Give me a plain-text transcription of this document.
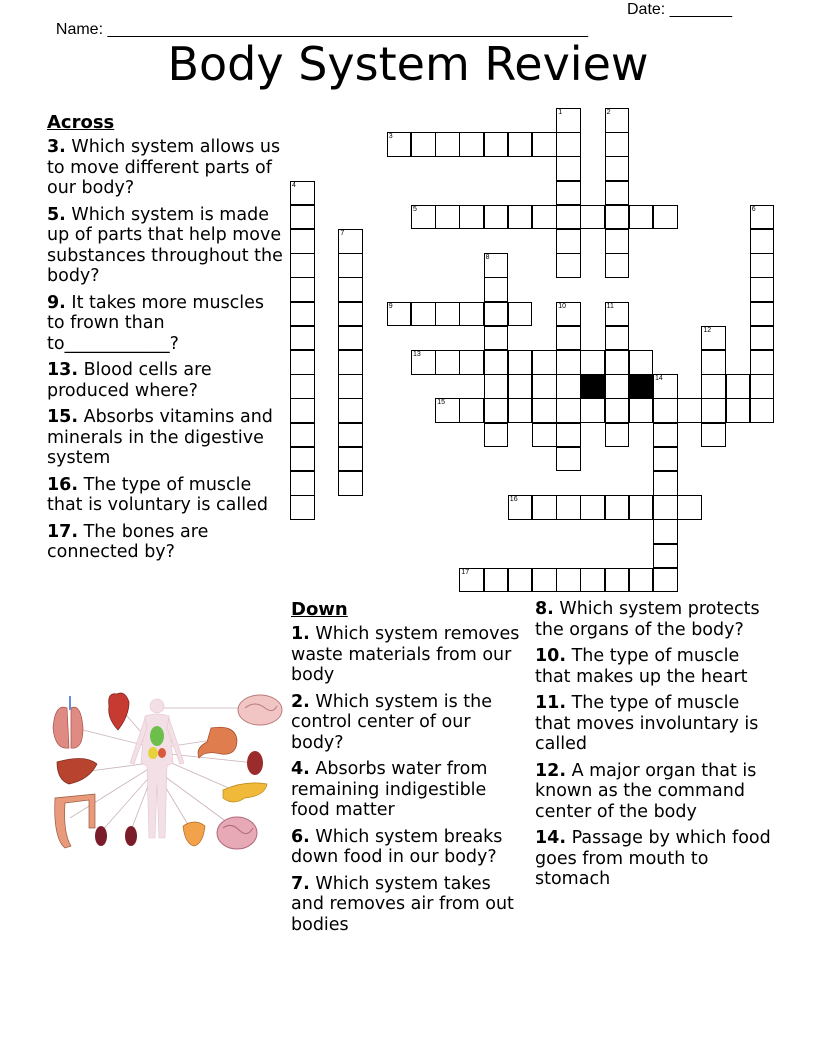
Name: ______________________________________________________

Date: _______

Body System Review
Across
3. Which system allows us to move different parts of our body?
5. Which system is made up of parts that help move substances throughout the body?
9. It takes more muscles to frown than to____________?
13. Blood cells are produced where?
15. Absorbs vitamins and minerals in the digestive system
16. The type of muscle that is voluntary is called
17. The bones are connected by?
Down
1. Which system removes waste materials from our body
2. Which system is the control center of our body?
4. Absorbs water from remaining indigestible food matter
6. Which system breaks down food in our body?
7. Which system takes and removes air from out bodies
8. Which system protects the organs of the body?
10. The type of muscle that makes up the heart
11. The type of muscle that moves involuntary is called
12. A major organ that is known as the command center of the body
14. Passage by which food goes from mouth to stomach
3
5
9
13
15
16
17
1	2
4
6
7
8
10	11
12
14
